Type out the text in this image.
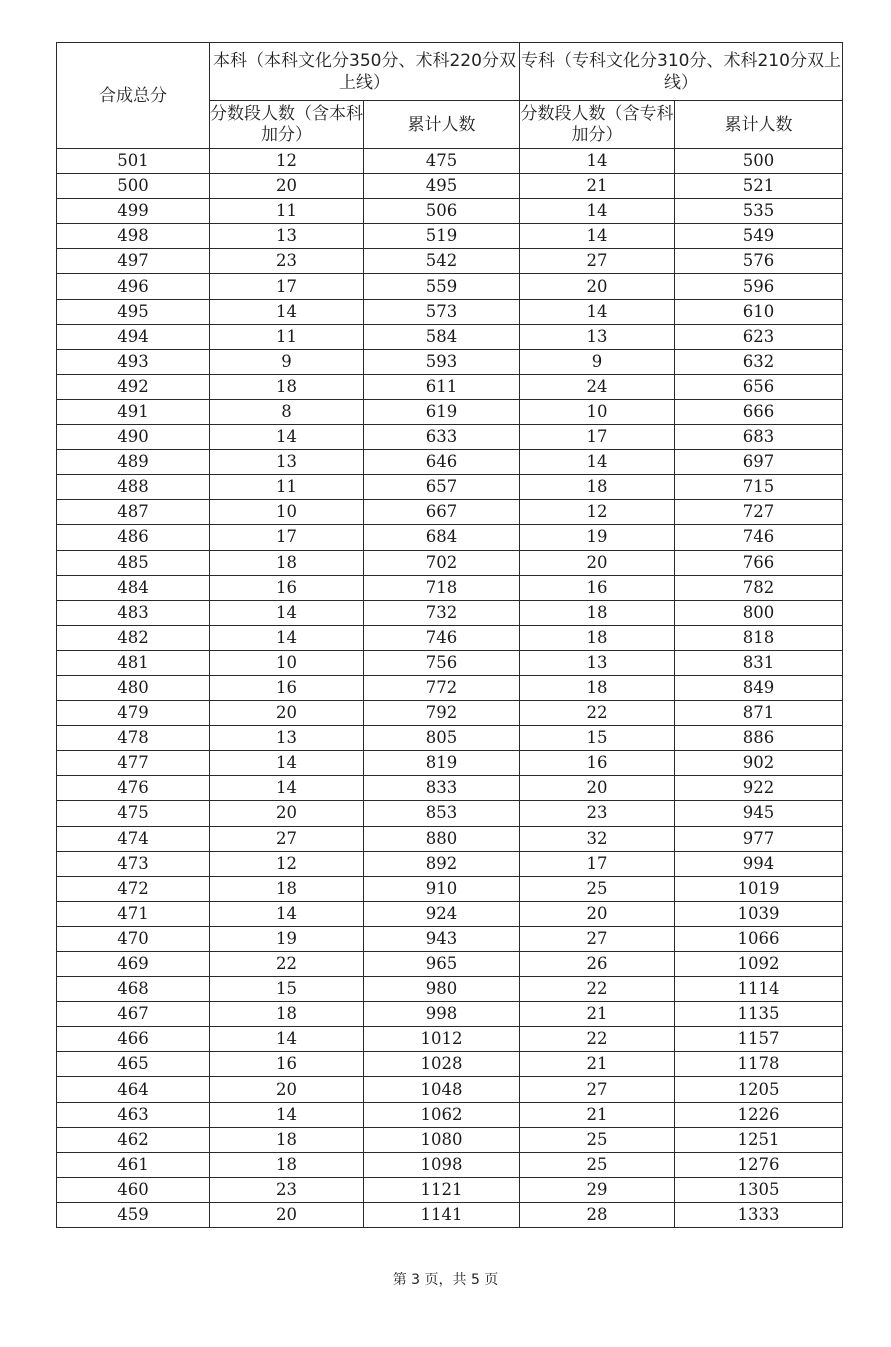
合成总分	本科（本科文化分350分、术科220分双上线）		专科（专科文化分310分、术科210分双上线）	
	分数段人数（含本科加分）	累计人数	分数段人数（含专科加分）	累计人数
501	12	475	14	500
500	20	495	21	521
499	11	506	14	535
498	13	519	14	549
497	23	542	27	576
496	17	559	20	596
495	14	573	14	610
494	11	584	13	623
493	9	593	9	632
492	18	611	24	656
491	8	619	10	666
490	14	633	17	683
489	13	646	14	697
488	11	657	18	715
487	10	667	12	727
486	17	684	19	746
485	18	702	20	766
484	16	718	16	782
483	14	732	18	800
482	14	746	18	818
481	10	756	13	831
480	16	772	18	849
479	20	792	22	871
478	13	805	15	886
477	14	819	16	902
476	14	833	20	922
475	20	853	23	945
474	27	880	32	977
473	12	892	17	994
472	18	910	25	1019
471	14	924	20	1039
470	19	943	27	1066
469	22	965	26	1092
468	15	980	22	1114
467	18	998	21	1135
466	14	1012	22	1157
465	16	1028	21	1178
464	20	1048	27	1205
463	14	1062	21	1226
462	18	1080	25	1251
461	18	1098	25	1276
460	23	1121	29	1305
459	20	1141	28	1333
第 3 页，共 5 页
